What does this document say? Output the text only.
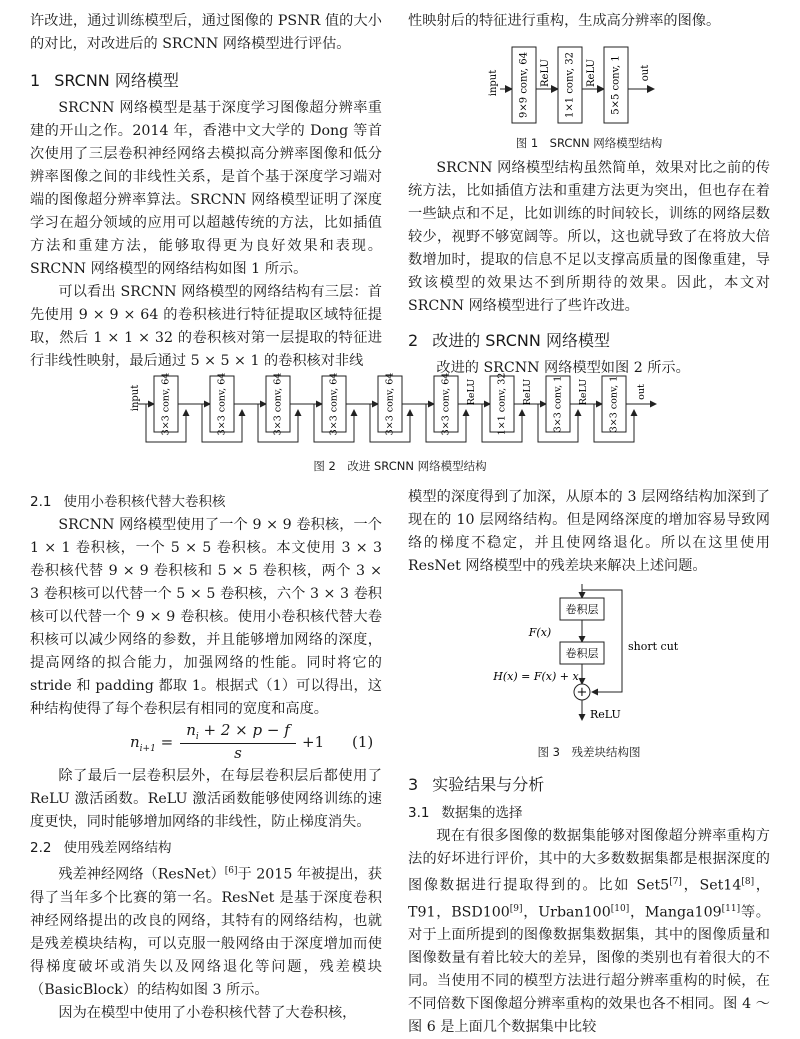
许改进，通过训练模型后，通过图像的 PSNR 值的大小的对比，对改进后的 SRCNN 网络模型进行评估。

1 SRCNN 网络模型

SRCNN 网络模型是基于深度学习图像超分辨率重建的开山之作。2014 年，香港中文大学的 Dong 等首次使用了三层卷积神经网络去模拟高分辨率图像和低分辨率图像之间的非线性关系，是首个基于深度学习端对端的图像超分辨率算法。SRCNN 网络模型证明了深度学习在超分领域的应用可以超越传统的方法，比如插值方法和重建方法，能够取得更为良好效果和表现。SRCNN 网络模型的网络结构如图 1 所示。

可以看出 SRCNN 网络模型的网络结构有三层：首先使用 9 × 9 × 64 的卷积核进行特征提取区域特征提取，然后 1 × 1 × 32 的卷积核对第一层提取的特征进行非线性映射，最后通过 5 × 5 × 1 的卷积核对非线

2.1 使用小卷积核代替大卷积核

SRCNN 网络模型使用了一个 9 × 9 卷积核，一个 1 × 1 卷积核，一个 5 × 5 卷积核。本文使用 3 × 3 卷积核代替 9 × 9 卷积核和 5 × 5 卷积核，两个 3 × 3 卷积核可以代替一个 5 × 5 卷积核，六个 3 × 3 卷积核可以代替一个 9 × 9 卷积核。使用小卷积核代替大卷积核可以减少网络的参数，并且能够增加网络的深度，提高网络的拟合能力，加强网络的性能。同时将它的 stride 和 padding 都取 1。根据式（1）可以得出，这种结构使得了每个卷积层有相同的宽度和高度。

$n_{i+1} = \frac{n_i + 2 \times p - f}{s} +1$ (1)

除了最后一层卷积层外，在每层卷积层后都使用了 ReLU 激活函数。ReLU 激活函数能够使网络训练的速度更快，同时能够增加网络的非线性，防止梯度消失。

2.2 使用残差网络结构

残差神经网络（ResNet）[6]于 2015 年被提出，获得了当年多个比赛的第一名。ResNet 是基于深度卷积神经网络提出的改良的网络，其特有的网络结构，也就是残差模块结构，可以克服一般网络由于深度增加而使得梯度破坏或消失以及网络退化等问题，残差模块（BasicBlock）的结构如图 3 所示。

因为在模型中使用了小卷积核代替了大卷积核，

性映射后的特征进行重构，生成高分辨率的图像。

input 9×9 conv, 64 ReLU 1×1 conv, 32 ReLU 5×5 conv, 1 out
图 1　SRCNN 网络模型结构

SRCNN 网络模型结构虽然简单，效果对比之前的传统方法，比如插值方法和重建方法更为突出，但也存在着一些缺点和不足，比如训练的时间较长，训练的网络层数较少，视野不够宽阔等。所以，这也就导致了在将放大倍数增加时，提取的信息不足以支撑高质量的图像重建，导致该模型的效果达不到所期待的效果。因此，本文对 SRCNN 网络模型进行了些许改进。

2 改进的 SRCNN 网络模型

改进的 SRCNN 网络模型如图 2 所示。

input 3×3 conv, 64	3×3 conv, 64	3×3 conv, 64	3×3 conv, 64	3×3 conv, 64	3×3 conv, 64 ReLU 1×1 conv, 32 ReLU 3×3 conv, 1 ReLU 3×3 conv, 1 out
图 2　改进 SRCNN 网络模型结构

模型的深度得到了加深，从原本的 3 层网络结构加深到了现在的 10 层网络结构。但是网络深度的增加容易导致网络的梯度不稳定，并且使网络退化。所以在这里使用 ResNet 网络模型中的残差块来解决上述问题。

卷积层
F(x)
卷积层
H(x) = F(x) + x
+
short cut
ReLU
图 3　残差块结构图
3 实验结果与分析
3.1 数据集的选择

现在有很多图像的数据集能够对图像超分辨率重构方法的好坏进行评价，其中的大多数数据集都是根据深度的图像数据进行提取得到的。比如 Set5[7]，Set14[8]，T91，BSD100[9]，Urban100[10]，Manga109[11]等。对于上面所提到的图像数据集数据集，其中的图像质量和图像数量有着比较大的差异，图像的类别也有着很大的不同。当使用不同的模型方法进行超分辨率重构的时候，在不同倍数下图像超分辨率重构的效果也各不相同。图 4 ～图 6 是上面几个数据集中比较
